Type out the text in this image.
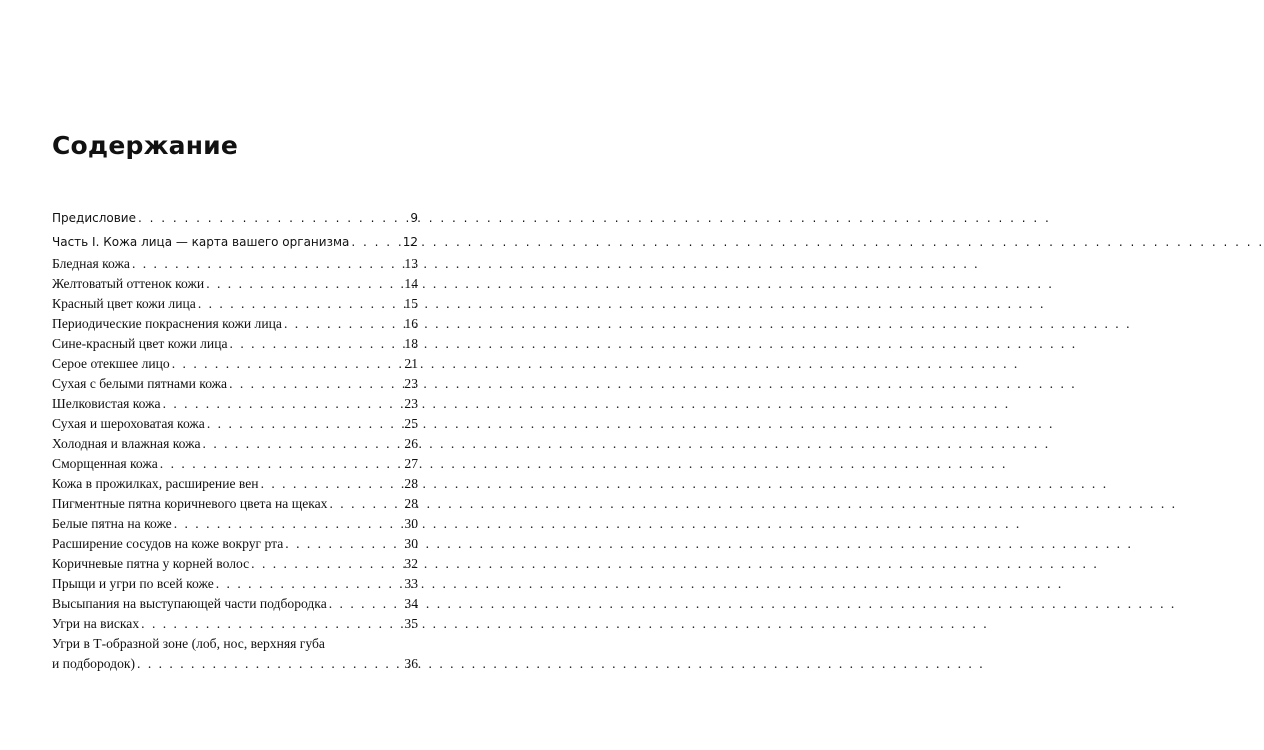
Содержание
Предисловие . . .	9
Часть I. Кожа лица — карта вашего организма . . .	12
Бледная кожа . . .	13
Желтоватый оттенок кожи . . .	14
Красный цвет кожи лица . . .	15
Периодические покраснения кожи лица . . .	16
Сине-красный цвет кожи лица . . .	18
Серое отекшее лицо . . .	21
Сухая с белыми пятнами кожа . . .	23
Шелковистая кожа . . .	23
Сухая и шероховатая кожа . . .	25
Холодная и влажная кожа . . .	26
Сморщенная кожа . . .	27
Кожа в прожилках, расширение вен . . .	28
Пигментные пятна коричневого цвета на щеках . . .	28
Белые пятна на коже . . .	30
Расширение сосудов на коже вокруг рта . . .	30
Коричневые пятна у корней волос . . .	32
Прыщи и угри по всей коже . . .	33
Высыпания на выступающей части подбородка . . .	34
Угри на висках . . .	35
Угри в Т-образной зоне (лоб, нос, верхняя губа
и подбородок) . . .	36
